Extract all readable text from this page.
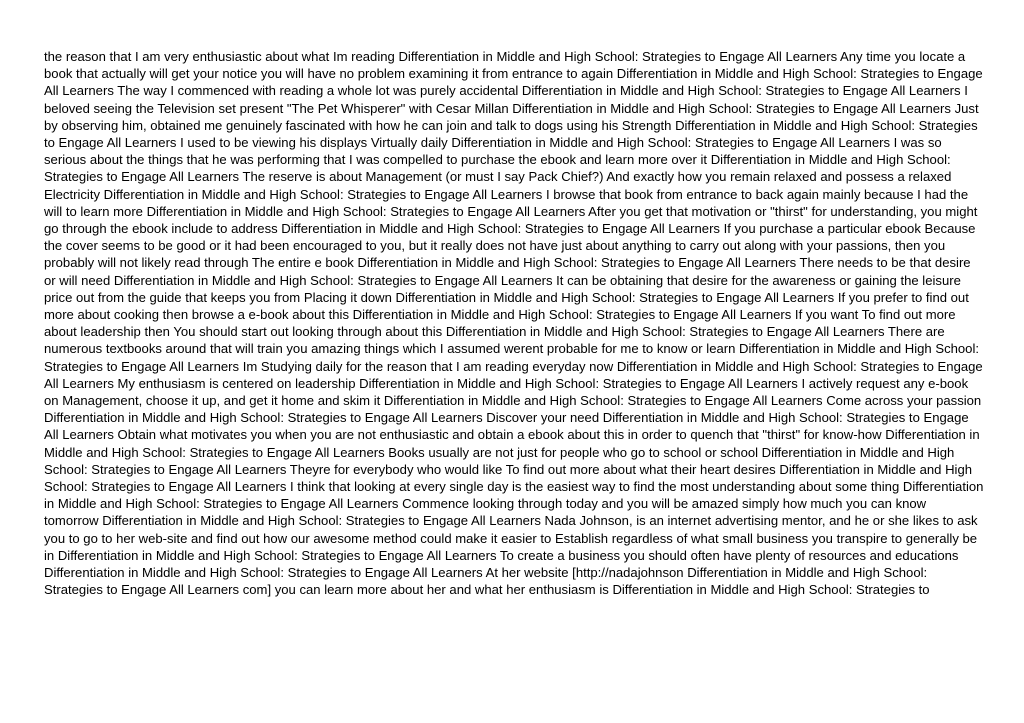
the reason that I am very enthusiastic about what Im reading Differentiation in Middle and High School: Strategies to Engage All Learners Any time you locate a book that actually will get your notice you will have no problem examining it from entrance to again Differentiation in Middle and High School: Strategies to Engage All Learners The way I commenced with reading a whole lot was purely accidental Differentiation in Middle and High School: Strategies to Engage All Learners I beloved seeing the Television set present "The Pet Whisperer" with Cesar Millan Differentiation in Middle and High School: Strategies to Engage All Learners Just by observing him, obtained me genuinely fascinated with how he can join and talk to dogs using his Strength Differentiation in Middle and High School: Strategies to Engage All Learners I used to be viewing his displays Virtually daily Differentiation in Middle and High School: Strategies to Engage All Learners I was so serious about the things that he was performing that I was compelled to purchase the ebook and learn more over it Differentiation in Middle and High School: Strategies to Engage All Learners The reserve is about Management (or must I say Pack Chief?) And exactly how you remain relaxed and possess a relaxed Electricity Differentiation in Middle and High School: Strategies to Engage All Learners I browse that book from entrance to back again mainly because I had the will to learn more Differentiation in Middle and High School: Strategies to Engage All Learners After you get that motivation or "thirst" for understanding, you might go through the ebook include to address Differentiation in Middle and High School: Strategies to Engage All Learners If you purchase a particular ebook Because the cover seems to be good or it had been encouraged to you, but it really does not have just about anything to carry out along with your passions, then you probably will not likely read through The entire e book Differentiation in Middle and High School: Strategies to Engage All Learners There needs to be that desire or will need Differentiation in Middle and High School: Strategies to Engage All Learners It can be obtaining that desire for the awareness or gaining the leisure price out from the guide that keeps you from Placing it down Differentiation in Middle and High School: Strategies to Engage All Learners If you prefer to find out more about cooking then browse a e-book about this Differentiation in Middle and High School: Strategies to Engage All Learners If you want To find out more about leadership then You should start out looking through about this Differentiation in Middle and High School: Strategies to Engage All Learners There are numerous textbooks around that will train you amazing things which I assumed werent probable for me to know or learn Differentiation in Middle and High School: Strategies to Engage All Learners Im Studying daily for the reason that I am reading everyday now Differentiation in Middle and High School: Strategies to Engage All Learners My enthusiasm is centered on leadership Differentiation in Middle and High School: Strategies to Engage All Learners I actively request any e-book on Management, choose it up, and get it home and skim it Differentiation in Middle and High School: Strategies to Engage All Learners Come across your passion Differentiation in Middle and High School: Strategies to Engage All Learners Discover your need Differentiation in Middle and High School: Strategies to Engage All Learners Obtain what motivates you when you are not enthusiastic and obtain a ebook about this in order to quench that "thirst" for know-how Differentiation in Middle and High School: Strategies to Engage All Learners Books usually are not just for people who go to school or school Differentiation in Middle and High School: Strategies to Engage All Learners Theyre for everybody who would like To find out more about what their heart desires Differentiation in Middle and High School: Strategies to Engage All Learners I think that looking at every single day is the easiest way to find the most understanding about some thing Differentiation in Middle and High School: Strategies to Engage All Learners Commence looking through today and you will be amazed simply how much you can know tomorrow Differentiation in Middle and High School: Strategies to Engage All Learners Nada Johnson, is an internet advertising mentor, and he or she likes to ask you to go to her web-site and find out how our awesome method could make it easier to Establish regardless of what small business you transpire to generally be in Differentiation in Middle and High School: Strategies to Engage All Learners To create a business you should often have plenty of resources and educations Differentiation in Middle and High School: Strategies to Engage All Learners At her website [http://nadajohnson Differentiation in Middle and High School: Strategies to Engage All Learners com] you can learn more about her and what her enthusiasm is Differentiation in Middle and High School: Strategies to
